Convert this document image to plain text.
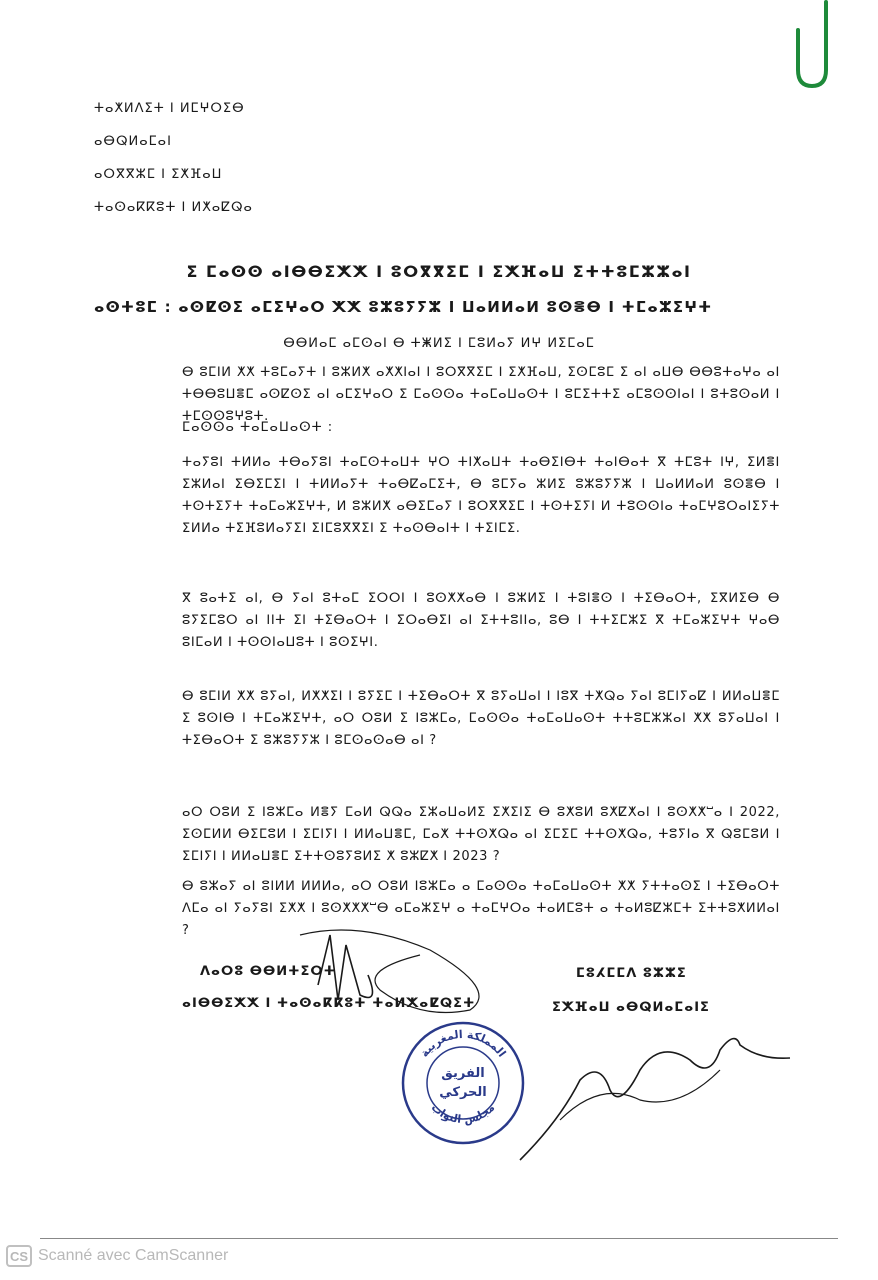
ⵜⴰⵅⵍⴷⵉⵜ ⵏ ⵍⵎⵖⵔⵉⴱ
ⴰⴱⵕⵍⴰⵎⴰⵏ
ⴰⵔⴳⴳⵣⵎ ⵏ ⵉⵅⴼⴰⵡ
ⵜⴰⵙⴰⴽⴽⵓⵜ ⵏ ⵍⵅⴰⵇⵕⴰ
ⵉ ⵎⴰⵙⵙ ⴰⵏⴱⴱⵉⵅⵅ ⵏ ⵓⵔⴳⴳⵉⵎ ⵏ ⵉⵅⴼⴰⵡ ⵉⵜⵜⵓⵎⵣⵣⴰⵏ
ⴰⵙⵜⵓⵎ : ⴰⵙⵇⵙⵉ ⴰⵎⵉⵖⴰⵔ ⵅⵅ ⵓⵣⵓⵢⵢⵣ ⵏ ⵡⴰⵍⵍⴰⵍ ⵓⵙⴻⴱ ⵏ ⵜⵎⴰⵣⵉⵖⵜ
ⴱⴱⵍⴰⵎ ⴰⵎⵙⴰⵏ ⴱ ⵜⵥⵍⵉ ⵏ ⵎⵓⵍⴰⵢ ⵍⵖ ⵍⵉⵎⴰⵎ
ⴱ ⵓⵎⵏⵍ ⵅⵅ ⵜⵓⵎⴰⵢⵜ ⵏ ⵓⵣⵍⵅ ⴰⵅⵅⵏⴰⵏ ⵏ ⵓⵔⴳⴳⵉⵎ ⵏ ⵉⵅⴼⴰⵡ, ⵉⵙⵎⵓⵎ ⵉ ⴰⵏ ⴰⵡⴱ ⴱⴱⵓⵜⴰⵖⴰ ⴰⵏ ⵜⴱⴱⵓⵡⴻⵎ ⴰⵙⵇⵙⵉ ⴰⵏ ⴰⵎⵉⵖⴰⵔ ⵉ ⵎⴰⵙⵙⴰ ⵜⴰⵎⴰⵡⴰⵙⵜ ⵏ ⵓⵎⵉⵜⵜⵉ ⴰⵎⵓⵙⵙⵏⴰⵏ ⵏ ⵓⵜⵓⵙⴰⵍ ⵏ ⵜⵎⵙⵙⵓⵖⵓⵜ.
ⵎⴰⵙⵙⴰ ⵜⴰⵎⴰⵡⴰⵙⵜ :
ⵜⴰⵢⵓⵏ ⵜⵍⵍⴰ ⵜⴱⴰⵢⵓⵏ ⵜⴰⵎⵙⵜⴰⵡⵜ ⵖⵔ ⵜⵏⵅⴰⵡⵜ ⵜⴰⴱⵉⵏⴱⵜ ⵜⴰⵏⴱⴰⵜ ⴳ ⵜⵎⵓⵜ ⵏⵖ, ⵉⵍⴻⵏ ⵉⵣⵍⴰⵏ ⵉⴱⵉⵎⵉⵏ ⵏ ⵜⵍⵍⴰⵢⵜ ⵜⴰⴱⵇⴰⵎⵉⵜ, ⴱ ⵓⵎⵢⴰ ⵣⵍⵉ ⵓⵣⵓⵢⵢⵣ ⵏ ⵡⴰⵍⵍⴰⵍ ⵓⵙⴻⴱ ⵏ ⵜⵙⵜⵉⵢⵜ ⵜⴰⵎⴰⵣⵉⵖⵜ, ⵍ ⵓⵣⵍⵅ ⴰⴱⵉⵎⴰⵢ ⵏ ⵓⵔⴳⴳⵉⵎ ⵏ ⵜⵙⵜⵉⵢⵏ ⵍ ⵜⵓⵙⵙⵏⴰ ⵜⴰⵎⵖⵓⵔⴰⵏⵉⵢⵜ ⵉⵍⵍⴰ ⵜⵉⴼⵓⵍⴰⵢⵉⵏ ⵉⵏⵎⵓⴳⴳⵉⵏ ⵉ ⵜⴰⵙⴱⴰⵏⵜ ⵏ ⵜⵉⵏⵎⵉ.
ⴳ ⵓⴰⵜⵉ ⴰⵏ, ⴱ ⵢⴰⵏ ⵓⵜⴰⵎ ⵉⵔⵔⵏ ⵏ ⵓⵙⵅⵅⴰⴱ ⵏ ⵓⵣⵍⵉ ⵏ ⵜⵓⵏⴻⵙ ⵏ ⵜⵉⴱⴰⵔⵜ, ⵉⴳⵍⵉⴱ ⴱ ⵓⵢⵉⵎⵓⵔ ⴰⵏ ⵏⵏⵜ ⵉⵏ ⵜⵉⴱⴰⵔⵜ ⵏ ⵉⵔⴰⴱⵉⵏ ⴰⵏ ⵉⵜⵜⵓⵏⵏⴰ, ⵓⴱ ⵏ ⵜⵜⵉⵎⵣⵉ ⴳ ⵜⵎⴰⵣⵉⵖⵜ ⵖⴰⴱ ⵓⵏⵎⴰⵍ ⵏ ⵜⵙⵙⵏⴰⵡⵓⵜ ⵏ ⵓⵙⵉⵖⵏ.
ⴱ ⵓⵎⵏⵍ ⵅⵅ ⵓⵢⴰⵏ, ⵍⵅⵅⵉⵏ ⵏ ⵓⵢⵉⵎ ⵏ ⵜⵉⴱⴰⵔⵜ ⴳ ⵓⵢⴰⵡⴰⵏ ⵏ ⵏⵓⴳ ⵜⵅⵕⴰ ⵢⴰⵏ ⵓⵎⵏⵢⴰⵇ ⵏ ⵍⵍⴰⵡⴻⵎ ⵉ ⵓⵙⵏⴱ ⵏ ⵜⵎⴰⵣⵉⵖⵜ, ⴰⵔ ⵔⵓⵍ ⵉ ⵏⵓⵣⵎⴰ, ⵎⴰⵙⵙⴰ ⵜⴰⵎⴰⵡⴰⵙⵜ ⵜⵜⵓⵎⵣⵣⴰⵏ ⵅⵅ ⵓⵢⴰⵡⴰⵏ ⵏ ⵜⵉⴱⴰⵔⵜ ⵉ ⵓⵣⵓⵢⵢⵣ ⵏ ⵓⵎⵙⴰⵙⴰⴱ ⴰⵏ ?
ⴰⵔ ⵔⵓⵍ ⵉ ⵏⵓⵣⵎⴰ ⵍⴻⵢ ⵎⴰⵍ ⵕⵕⴰ ⵉⵣⴰⵡⴰⵍⵉ ⵉⵅⵉⵏⵉ ⴱ ⵓⵅⵓⵍ ⵓⵅⵇⵅⴰⵏ ⵏ ⵓⵙⵅⵅⵯⴰ ⵏ 2022, ⵉⵙⵎⵍⵍ ⴱⵉⵎⵓⵍ ⵏ ⵉⵎⵏⵢⵏ ⵏ ⵍⵍⴰⵡⴻⵎ, ⵎⴰⵅ ⵜⵜⵙⵅⵕⴰ ⴰⵏ ⵉⵎⵉⵎ ⵜⵜⵙⵅⵕⴰ, ⵜⵓⵢⵏⴰ ⴳ ⵕⵓⵎⵓⵍ ⵏ ⵉⵎⵏⵢⵏ ⵏ ⵍⵍⴰⵡⴻⵎ ⵉⵜⵜⵙⵓⵢⵓⵍⵉ ⵅ ⵓⵣⵇⵅ ⵏ 2023 ?
ⴱ ⵓⵣⴰⵢ ⴰⵏ ⵓⵏⵍⵍ ⵍⵍⵍⴰ, ⴰⵔ ⵔⵓⵍ ⵏⵓⵣⵎⴰ ⴰ ⵎⴰⵙⵙⴰ ⵜⴰⵎⴰⵡⴰⵙⵜ ⵅⵅ ⵢⵜⵜⴰⵙⵉ ⵏ ⵜⵉⴱⴰⵔⵜ ⴷⵎⴰ ⴰⵏ ⵢⴰⵢⵓⵏ ⵉⵅⵅ ⵏ ⵓⵙⵅⵅⵅⵯⴱ ⴰⵎⴰⵣⵉⵖ ⴰ ⵜⴰⵎⵖⵔⴰ ⵜⴰⵍⵎⵓⵜ ⴰ ⵜⴰⵍⵓⵇⵣⵎⵜ ⵉⵜⵜⵓⵅⵍⵍⴰⵏ ?
ⴷⴰⵔⵓ ⴱⴱⵍⵜⵉⵔⵜ
ⴰⵏⴱⴱⵉⵅⵅ ⵏ ⵜⴰⵙⴰⴽⴽⵓⵜ ⵜⴰⵍⵅⴰⵇⵕⵉⵜ
ⵎⵓⵃⵎⵎⴷ ⵓⵣⵣⵉ
ⵉⵅⴼⴰⵡ ⴰⴱⵕⵍⴰⵎⴰⵏⵉ
المملكة المغربية
مجلس النواب
الفريق
الحركي
CS Scanné avec CamScanner
